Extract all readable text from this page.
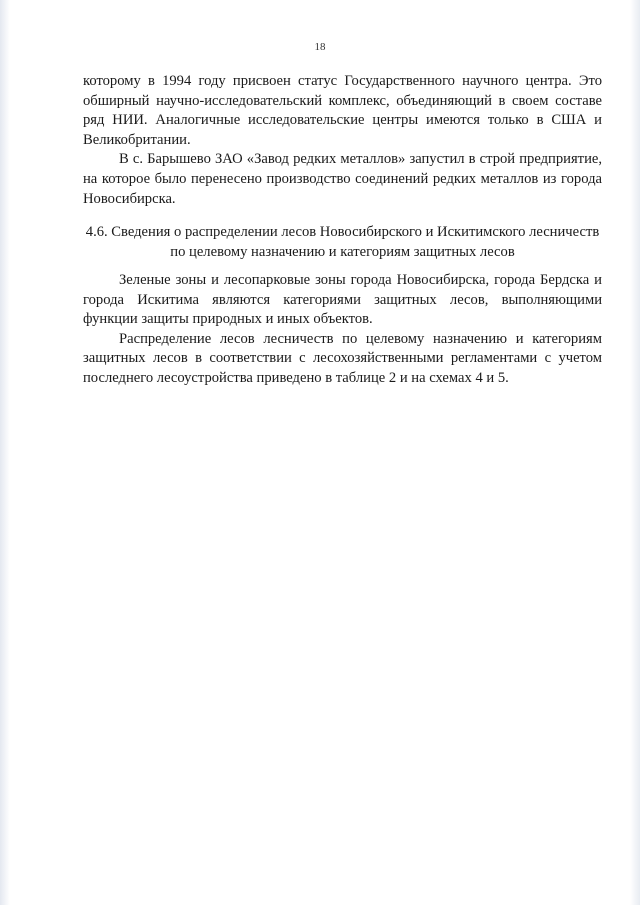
18

которому в 1994 году присвоен статус Государственного научного центра. Это обширный научно-исследовательский комплекс, объединяющий в своем составе ряд НИИ. Аналогичные исследовательские центры имеются только в США и Великобритании.

В с. Барышево ЗАО «Завод редких металлов» запустил в строй предприятие, на которое было перенесено производство соединений редких металлов из города Новосибирска.

4.6. Сведения о распределении лесов Новосибирского и Искитимского лесничеств
по целевому назначению и категориям защитных лесов

Зеленые зоны и лесопарковые зоны города Новосибирска, города Бердска и города Искитима являются категориями защитных лесов, выполняющими функции защиты природных и иных объектов.

Распределение лесов лесничеств по целевому назначению и категориям защитных лесов в соответствии с лесохозяйственными регламентами с учетом последнего лесоустройства приведено в таблице 2 и на схемах 4 и 5.
